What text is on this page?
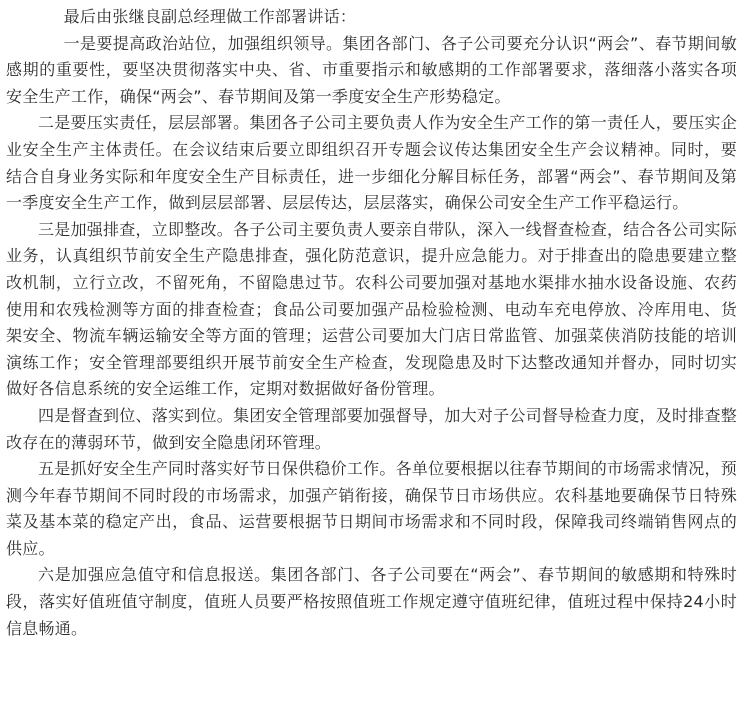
最后由张继良副总经理做工作部署讲话：

一是要提高政治站位，加强组织领导。集团各部门、各子公司要充分认识“两会”、春节期间敏感期的重要性，要坚决贯彻落实中央、省、市重要指示和敏感期的工作部署要求，落细落小落实各项安全生产工作，确保“两会”、春节期间及第一季度安全生产形势稳定。

二是要压实责任，层层部署。集团各子公司主要负责人作为安全生产工作的第一责任人，要压实企业安全生产主体责任。在会议结束后要立即组织召开专题会议传达集团安全生产会议精神。同时，要结合自身业务实际和年度安全生产目标责任，进一步细化分解目标任务，部署“两会”、春节期间及第一季度安全生产工作，做到层层部署、层层传达，层层落实，确保公司安全生产工作平稳运行。

三是加强排查，立即整改。各子公司主要负责人要亲自带队，深入一线督查检查，结合各公司实际业务，认真组织节前安全生产隐患排查，强化防范意识，提升应急能力。对于排查出的隐患要建立整改机制，立行立改，不留死角，不留隐患过节。农科公司要加强对基地水渠排水抽水设备设施、农药使用和农残检测等方面的排查检查；食品公司要加强产品检验检测、电动车充电停放、冷库用电、货架安全、物流车辆运输安全等方面的管理；运营公司要加大门店日常监管、加强菜侠消防技能的培训演练工作；安全管理部要组织开展节前安全生产检查，发现隐患及时下达整改通知并督办，同时切实做好各信息系统的安全运维工作，定期对数据做好备份管理。

四是督查到位、落实到位。集团安全管理部要加强督导，加大对子公司督导检查力度，及时排查整改存在的薄弱环节，做到安全隐患闭环管理。

五是抓好安全生产同时落实好节日保供稳价工作。各单位要根据以往春节期间的市场需求情况，预测今年春节期间不同时段的市场需求，加强产销衔接，确保节日市场供应。农科基地要确保节日特殊菜及基本菜的稳定产出，食品、运营要根据节日期间市场需求和不同时段，保障我司终端销售网点的供应。

六是加强应急值守和信息报送。集团各部门、各子公司要在“两会”、春节期间的敏感期和特殊时段，落实好值班值守制度，值班人员要严格按照值班工作规定遵守值班纪律，值班过程中保持24小时信息畅通。
